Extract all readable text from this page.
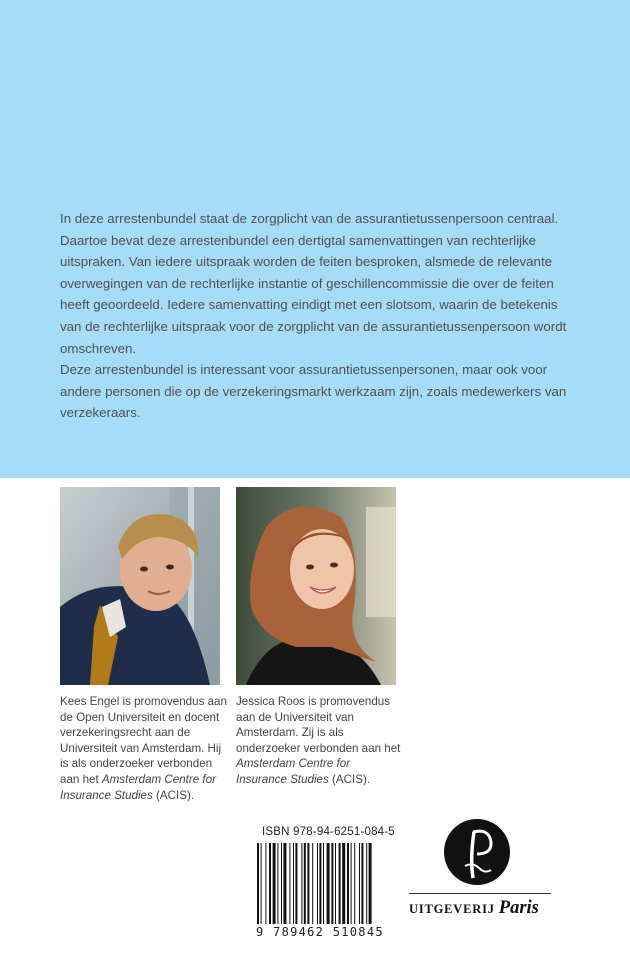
In deze arrestenbundel staat de zorgplicht van de assurantietussenpersoon centraal. Daartoe bevat deze arrestenbundel een dertigtal samenvattingen van rechterlijke uitspraken. Van iedere uitspraak worden de feiten besproken, alsmede de relevante overwegingen van de rechterlijke instantie of geschillencommissie die over de feiten heeft geoordeeld. Iedere samenvatting eindigt met een slotsom, waarin de betekenis van de rechterlijke uitspraak voor de zorgplicht van de assurantietussenpersoon wordt omschreven.

Deze arrestenbundel is interessant voor assurantietussenpersonen, maar ook voor andere personen die op de verzekeringsmarkt werkzaam zijn, zoals medewerkers van verzekeraars.

Kees Engel is promovendus aan de Open Universiteit en docent verzekeringsrecht aan de Universiteit van Amsterdam. Hij is als onderzoeker verbonden aan het Amsterdam Centre for Insurance Studies (ACIS).
Jessica Roos is promovendus aan de Universiteit van Amsterdam. Zij is als onderzoeker verbonden aan het Amsterdam Centre for Insurance Studies (ACIS).
ISBN 978-94-6251-084-5
9 789462 510845
UITGEVERIJ Paris
